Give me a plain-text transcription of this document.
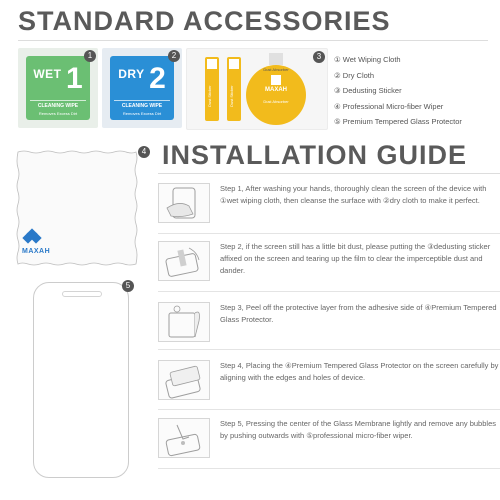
STANDARD ACCESSORIES
$^{WET}$ 1
CLEANING WIPE
Removes Excess Dirt
1
$^{DRY}$ 2
CLEANING WIPE
Removes Excess Dirt
2
Dust Sticker	Dust Sticker
Dust Absorber
MAXAH
Dust Absorber
3	① Wet Wiping Cloth
② Dry Cloth
③ Dedusting Sticker
④ Professional Micro-fiber Wiper
⑤ Premium Tempered Glass Protector
MAXAH
4
5
INSTALLATION GUIDE
Step 1, After washing your hands, thoroughly clean the screen of the device with ①wet wiping cloth, then cleanse the surface with ②dry cloth to make it perfect.
Step 2, if the screen still has a little bit dust, please putting the ③dedusting sticker affixed on the screen and tearing up the film to clear the imperceptible dust and dander.
Step 3, Peel off the protective layer from the adhesive side of ④Premium Tempered Glass Protector.
Step 4, Placing the ④Premium Tempered Glass Protector on the screen carefully by aligning with the edges and holes of device.
Step 5, Pressing the center of the Glass Membrane lightly and remove any bubbles by pushing outwards with ⑤professional micro-fiber wiper.
